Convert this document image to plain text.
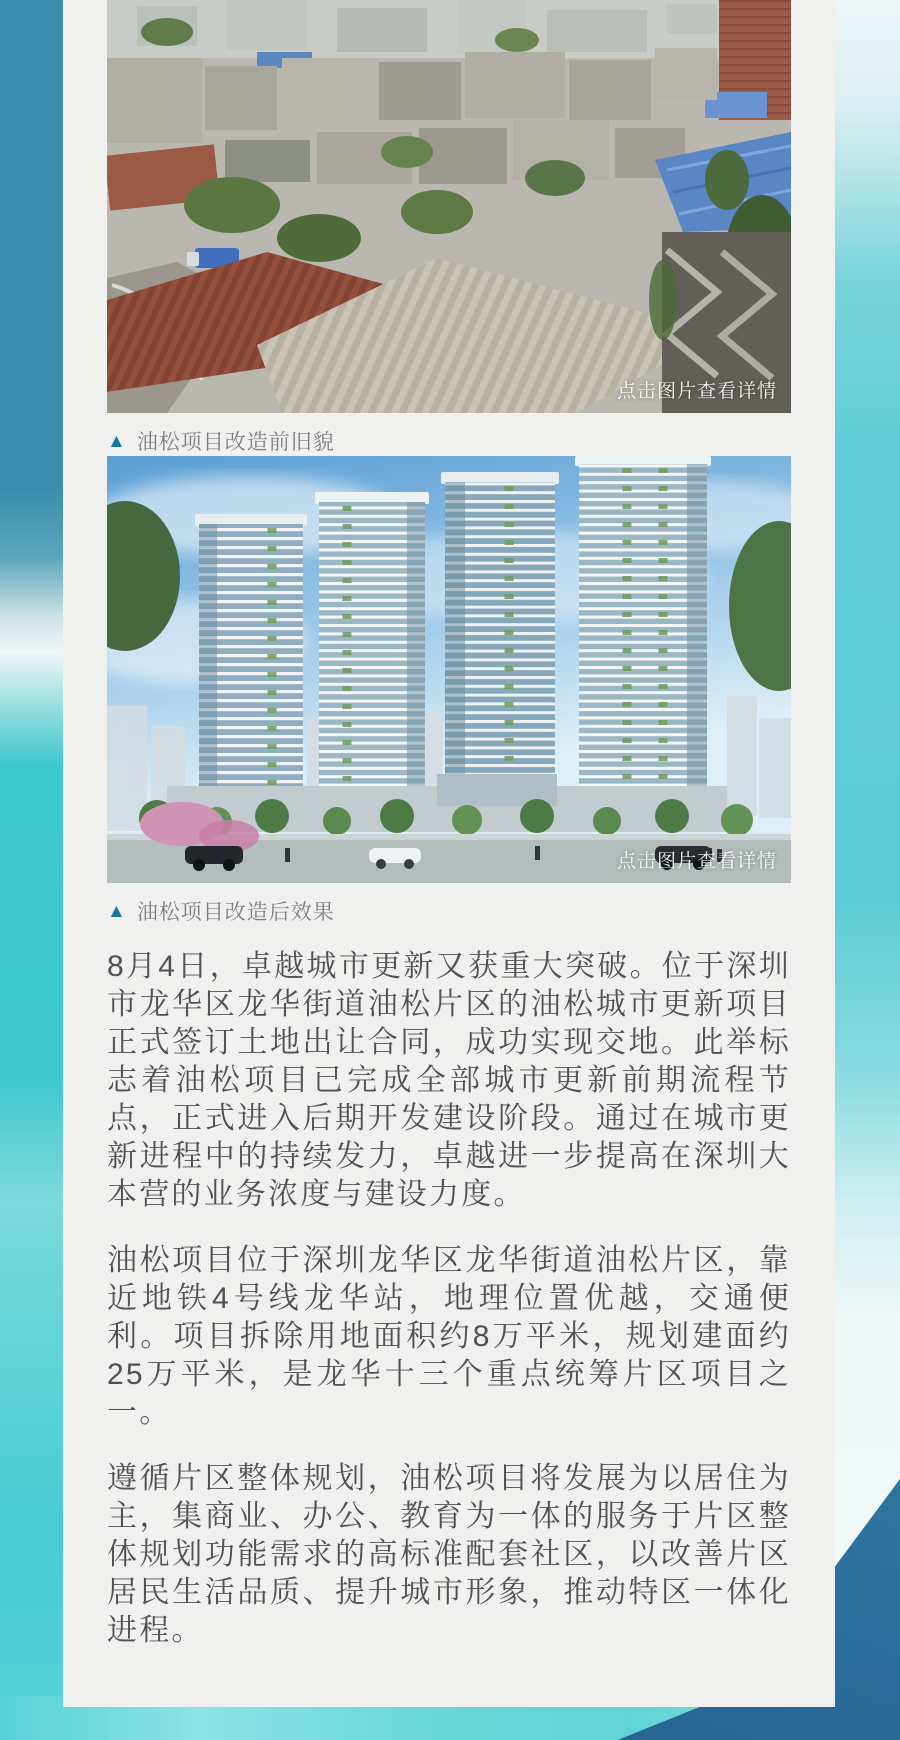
点击图片查看详情
▲ 油松项目改造前旧貌
点击图片查看详情
▲ 油松项目改造后效果

8月4日，卓越城市更新又获重大突破。位于深圳市龙华区龙华街道油松片区的油松城市更新项目正式签订土地出让合同，成功实现交地。此举标志着油松项目已完成全部城市更新前期流程节点，正式进入后期开发建设阶段。通过在城市更新进程中的持续发力，卓越进一步提高在深圳大本营的业务浓度与建设力度。

油松项目位于深圳龙华区龙华街道油松片区，靠近地铁4号线龙华站，地理位置优越，交通便利。项目拆除用地面积约8万平米，规划建面约25万平米，是龙华十三个重点统筹片区项目之一。

遵循片区整体规划，油松项目将发展为以居住为主，集商业、办公、教育为一体的服务于片区整体规划功能需求的高标准配套社区，以改善片区居民生活品质、提升城市形象，推动特区一体化进程。
